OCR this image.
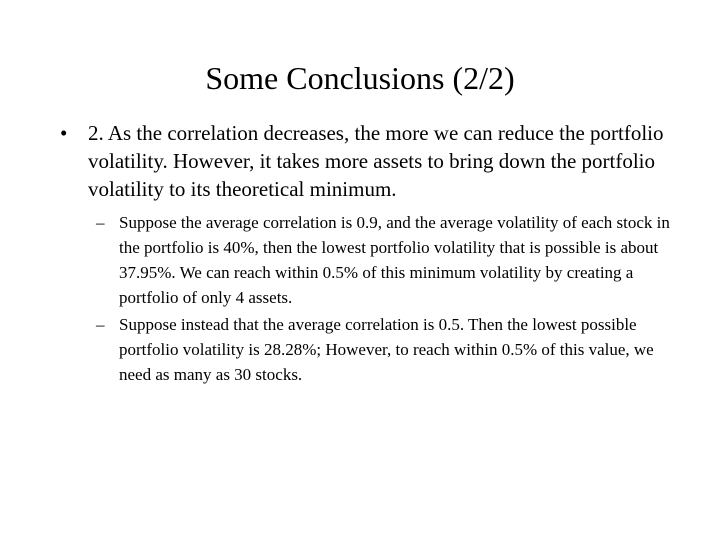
Some Conclusions (2/2)
• 2. As the correlation decreases, the more we can reduce the portfolio volatility. However, it takes more assets to bring down the portfolio volatility to its theoretical minimum.
– Suppose the average correlation is 0.9, and the average volatility of each stock in the portfolio is 40%, then the lowest portfolio volatility that is possible is about 37.95%. We can reach within 0.5% of this minimum volatility by creating a portfolio of only 4 assets.
– Suppose instead that the average correlation is 0.5. Then the lowest possible portfolio volatility is 28.28%; However, to reach within 0.5% of this value, we need as many as 30 stocks.
